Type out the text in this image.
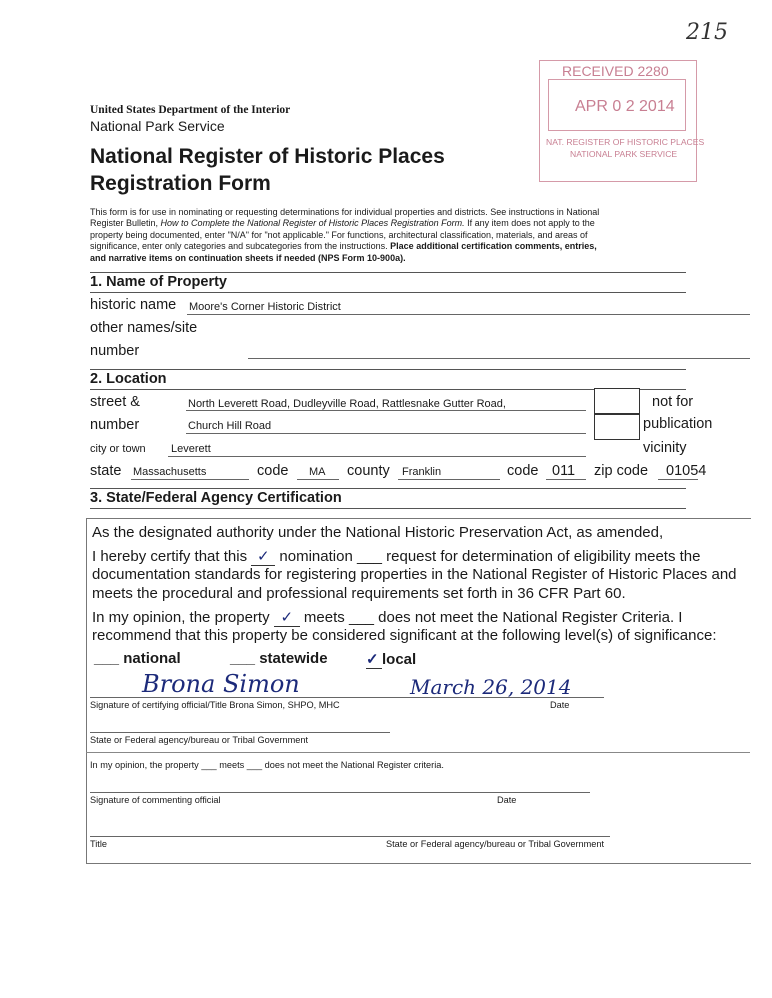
215
RECEIVED 2280
APR 0 2 2014
NAT. REGISTER OF HISTORIC PLACES
NATIONAL PARK SERVICE
United States Department of the Interior
National Park Service
National Register of Historic Places
Registration Form
This form is for use in nominating or requesting determinations for individual properties and districts. See instructions in National
Register Bulletin, How to Complete the National Register of Historic Places Registration Form. If any item does not apply to the
property being documented, enter "N/A" for "not applicable." For functions, architectural classification, materials, and areas of
significance, enter only categories and subcategories from the instructions. Place additional certification comments, entries,
and narrative items on continuation sheets if needed (NPS Form 10-900a).
1. Name of Property
historic name Moore's Corner Historic District
other names/site
number
2. Location
street &
number
North Leverett Road, Dudleyville Road, Rattlesnake Gutter Road,
Church Hill Road
not for
publication
vicinity
city or town Leverett
state Massachusetts	code MA county Franklin	code 011 zip code 01054
3. State/Federal Agency Certification
As the designated authority under the National Historic Preservation Act, as amended,
I hereby certify that this ✓ nomination ___ request for determination of eligibility meets the
documentation standards for registering properties in the National Register of Historic Places and
meets the procedural and professional requirements set forth in 36 CFR Part 60.
In my opinion, the property ✓ meets ___ does not meet the National Register Criteria. I
recommend that this property be considered significant at the following level(s) of significance:
___ national	___ statewide	✓ local
Brona Simon	March 26, 2014
Signature of certifying official/Title Brona Simon, SHPO, MHC	Date
State or Federal agency/bureau or Tribal Government
In my opinion, the property ___ meets ___ does not meet the National Register criteria.
Signature of commenting official	Date
Title	State or Federal agency/bureau or Tribal Government
